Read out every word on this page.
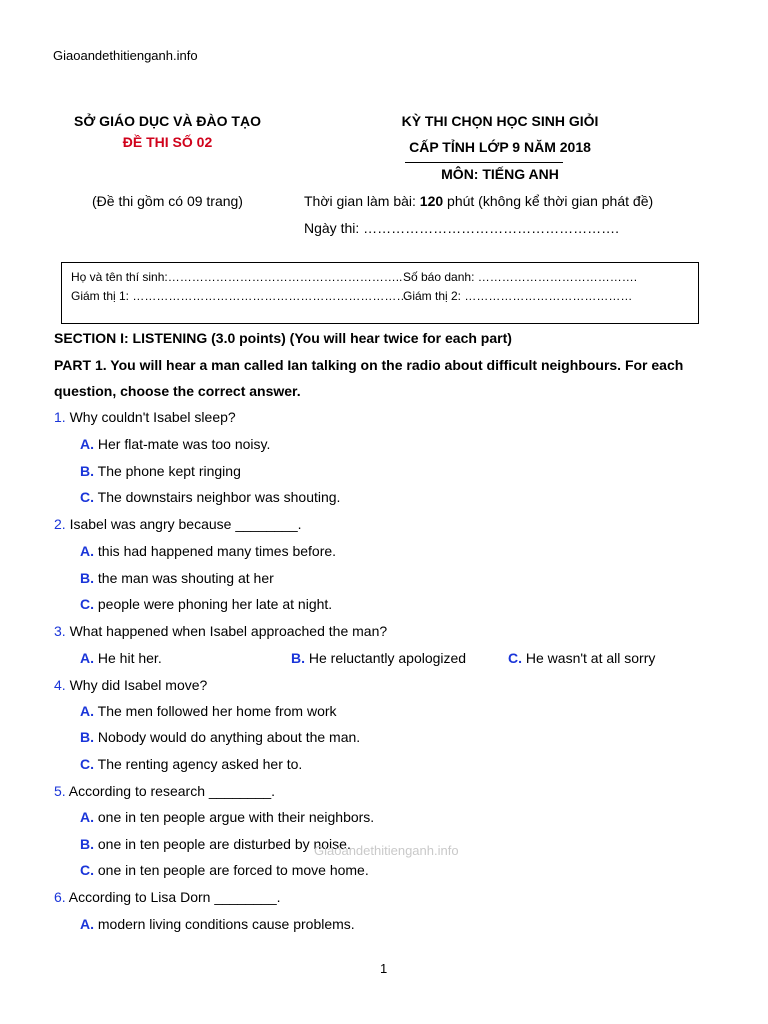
Giaoandethitienganh.info
SỞ GIÁO DỤC VÀ ĐÀO TẠO
ĐỀ THI SỐ 02
(Đề thi gồm có 09 trang)
KỲ THI CHỌN HỌC SINH GIỎI
CẤP TỈNH LỚP 9 NĂM 2018
MÔN: TIẾNG ANH
Thời gian làm bài: 120 phút (không kể thời gian phát đề)
Ngày thi: ……………………………………………….
Họ và tên thí sinh:………………………………………………….. Số báo danh: ………………………………….
Giám thị 1: ……………………………………………………………
Giám thị 2: ……………………………………
SECTION I: LISTENING (3.0 points) (You will hear twice for each part)
PART 1. You will hear a man called Ian talking on the radio about difficult neighbours. For each
question, choose the correct answer.
1. Why couldn't Isabel sleep?
A. Her flat-mate was too noisy.
B. The phone kept ringing
C. The downstairs neighbor was shouting.
2. Isabel was angry because ________.
A. this had happened many times before.
B. the man was shouting at her
C. people were phoning her late at night.
3. What happened when Isabel approached the man?
A. He hit her.	B. He reluctantly apologized	C. He wasn't at all sorry
4. Why did Isabel move?
A. The men followed her home from work
B. Nobody would do anything about the man.
C. The renting agency asked her to.
5. According to research ________.
A. one in ten people argue with their neighbors.
B. one in ten people are disturbed by noise.
C. one in ten people are forced to move home.
6. According to Lisa Dorn ________.
A. modern living conditions cause problems.
Giaoandethitienganh.info
1
